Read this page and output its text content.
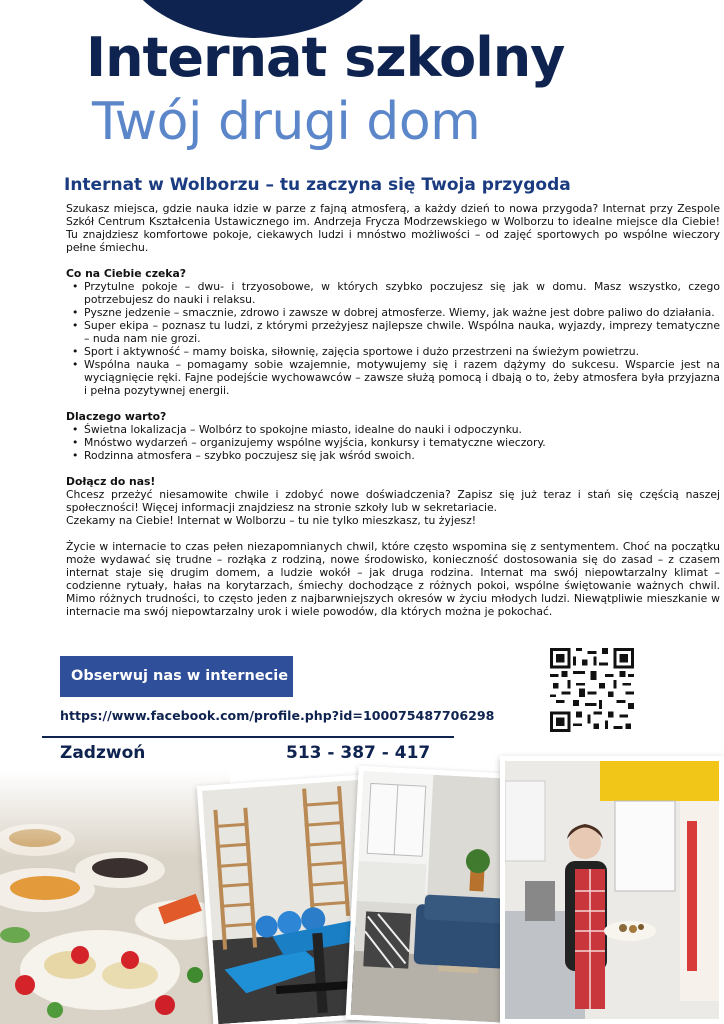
Internat szkolny
Twój drugi dom
Internat w Wolborzu – tu zaczyna się Twoja przygoda

Szukasz miejsca, gdzie nauka idzie w parze z fajną atmosferą, a każdy dzień to nowa przygoda? Internat przy Zespole Szkół Centrum Kształcenia Ustawicznego im. Andrzeja Frycza Modrzewskiego w Wolborzu to idealne miejsce dla Ciebie! Tu znajdziesz komfortowe pokoje, ciekawych ludzi i mnóstwo możliwości – od zajęć sportowych po wspólne wieczory pełne śmiechu.

Co na Ciebie czeka?
• Przytulne pokoje – dwu- i trzyosobowe, w których szybko poczujesz się jak w domu. Masz wszystko, czego potrzebujesz do nauki i relaksu.
• Pyszne jedzenie – smacznie, zdrowo i zawsze w dobrej atmosferze. Wiemy, jak ważne jest dobre paliwo do działania.
• Super ekipa – poznasz tu ludzi, z którymi przeżyjesz najlepsze chwile. Wspólna nauka, wyjazdy, imprezy tematyczne – nuda nam nie grozi.
• Sport i aktywność – mamy boiska, siłownię, zajęcia sportowe i dużo przestrzeni na świeżym powietrzu.
• Wspólna nauka – pomagamy sobie wzajemnie, motywujemy się i razem dążymy do sukcesu. Wsparcie jest na wyciągnięcie ręki. Fajne podejście wychowawców – zawsze służą pomocą i dbają o to, żeby atmosfera była przyjazna i pełna pozytywnej energii.
Dlaczego warto?
• Świetna lokalizacja – Wolbórz to spokojne miasto, idealne do nauki i odpoczynku.
• Mnóstwo wydarzeń – organizujemy wspólne wyjścia, konkursy i tematyczne wieczory.
• Rodzinna atmosfera – szybko poczujesz się jak wśród swoich.
Dołącz do nas!

Chcesz przeżyć niesamowite chwile i zdobyć nowe doświadczenia? Zapisz się już teraz i stań się częścią naszej społeczności! Więcej informacji znajdziesz na stronie szkoły lub w sekretariacie.

Czekamy na Ciebie! Internat w Wolborzu – tu nie tylko mieszkasz, tu żyjesz!

Życie w internacie to czas pełen niezapomnianych chwil, które często wspomina się z sentymentem. Choć na początku może wydawać się trudne – rozłąka z rodziną, nowe środowisko, konieczność dostosowania się do zasad – z czasem internat staje się drugim domem, a ludzie wokół – jak druga rodzina. Internat ma swój niepowtarzalny klimat – codzienne rytuały, hałas na korytarzach, śmiechy dochodzące z różnych pokoi, wspólne świętowanie ważnych chwil. Mimo różnych trudności, to często jeden z najbarwniejszych okresów w życiu młodych ludzi. Niewątpliwie mieszkanie w internacie ma swój niepowtarzalny urok i wiele powodów, dla których można je pokochać.

Obserwuj nas w internecie
https://www.facebook.com/profile.php?id=100075487706298
Zadzwoń	513 - 387 - 417
